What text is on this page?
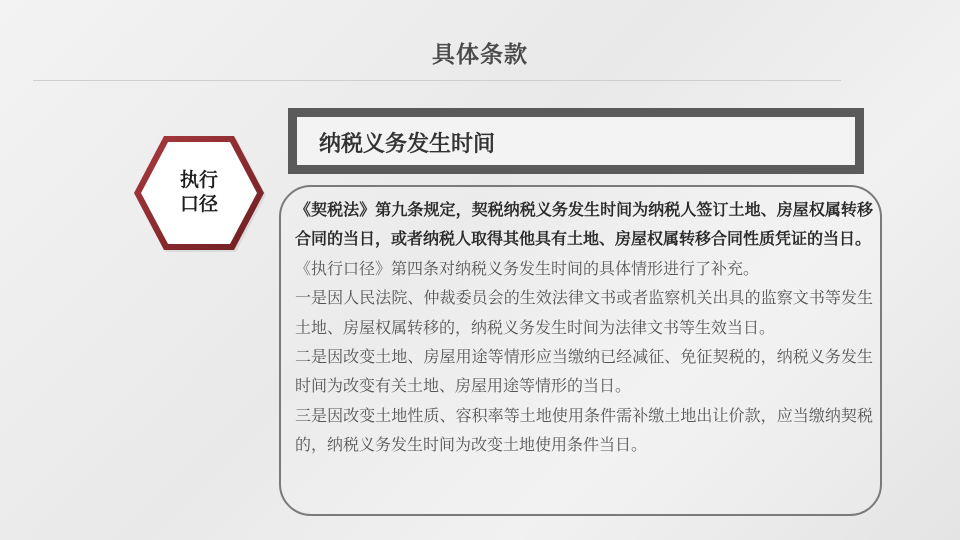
具体条款
执行
口径
纳税义务发生时间

《契税法》第九条规定，契税纳税义务发生时间为纳税人签订土地、房屋权属转移合同的当日，或者纳税人取得其他具有土地、房屋权属转移合同性质凭证的当日。

《执行口径》第四条对纳税义务发生时间的具体情形进行了补充。

一是因人民法院、仲裁委员会的生效法律文书或者监察机关出具的监察文书等发生土地、房屋权属转移的，纳税义务发生时间为法律文书等生效当日。

二是因改变土地、房屋用途等情形应当缴纳已经减征、免征契税的，纳税义务发生时间为改变有关土地、房屋用途等情形的当日。

三是因改变土地性质、容积率等土地使用条件需补缴土地出让价款，应当缴纳契税的，纳税义务发生时间为改变土地使用条件当日。
